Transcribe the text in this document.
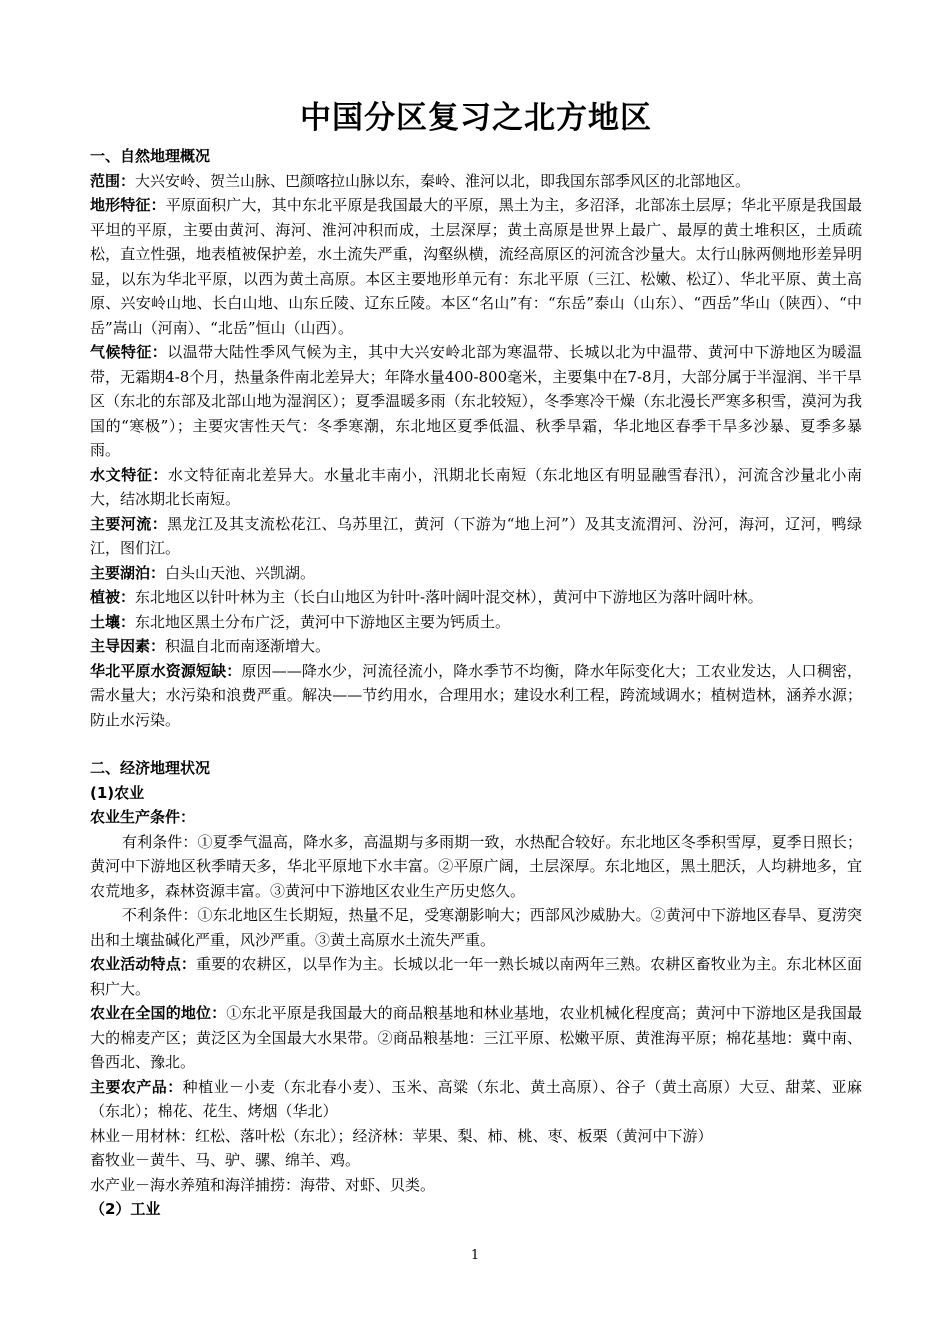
中国分区复习之北方地区

一、自然地理概况

范围：大兴安岭、贺兰山脉、巴颜喀拉山脉以东，秦岭、淮河以北，即我国东部季风区的北部地区。

地形特征：平原面积广大，其中东北平原是我国最大的平原，黑土为主，多沼泽，北部冻土层厚；华北平原是我国最平坦的平原，主要由黄河、海河、淮河冲积而成，土层深厚；黄土高原是世界上最广、最厚的黄土堆积区，土质疏松，直立性强，地表植被保护差，水土流失严重，沟壑纵横，流经高原区的河流含沙量大。太行山脉两侧地形差异明显，以东为华北平原，以西为黄土高原。本区主要地形单元有：东北平原（三江、松嫩、松辽）、华北平原、黄土高原、兴安岭山地、长白山地、山东丘陵、辽东丘陵。本区“名山”有：“东岳”泰山（山东）、“西岳”华山（陕西）、“中岳”嵩山（河南）、“北岳”恒山（山西）。

气候特征：以温带大陆性季风气候为主，其中大兴安岭北部为寒温带、长城以北为中温带、黄河中下游地区为暖温带，无霜期4-8个月，热量条件南北差异大；年降水量400-800毫米，主要集中在7-8月，大部分属于半湿润、半干旱区（东北的东部及北部山地为湿润区）；夏季温暖多雨（东北较短），冬季寒冷干燥（东北漫长严寒多积雪，漠河为我国的“寒极”）；主要灾害性天气：冬季寒潮，东北地区夏季低温、秋季旱霜，华北地区春季干旱多沙暴、夏季多暴雨。

水文特征：水文特征南北差异大。水量北丰南小，汛期北长南短（东北地区有明显融雪春汛），河流含沙量北小南大，结冰期北长南短。

主要河流：黑龙江及其支流松花江、乌苏里江，黄河（下游为“地上河”）及其支流渭河、汾河，海河，辽河，鸭绿江，图们江。

主要湖泊：白头山天池、兴凯湖。

植被：东北地区以针叶林为主（长白山地区为针叶-落叶阔叶混交林），黄河中下游地区为落叶阔叶林。

土壤：东北地区黑土分布广泛，黄河中下游地区主要为钙质土。

主导因素：积温自北而南逐渐增大。

华北平原水资源短缺：原因——降水少，河流径流小，降水季节不均衡，降水年际变化大；工农业发达，人口稠密，需水量大；水污染和浪费严重。解决——节约用水，合理用水；建设水利工程，跨流域调水；植树造林，涵养水源；防止水污染。

二、经济地理状况

(1)农业

农业生产条件：

有利条件：①夏季气温高，降水多，高温期与多雨期一致，水热配合较好。东北地区冬季积雪厚，夏季日照长；黄河中下游地区秋季晴天多，华北平原地下水丰富。②平原广阔，土层深厚。东北地区，黑土肥沃，人均耕地多，宜农荒地多，森林资源丰富。③黄河中下游地区农业生产历史悠久。

不利条件：①东北地区生长期短，热量不足，受寒潮影响大；西部风沙威胁大。②黄河中下游地区春旱、夏涝突出和土壤盐碱化严重，风沙严重。③黄土高原水土流失严重。

农业活动特点：重要的农耕区，以旱作为主。长城以北一年一熟长城以南两年三熟。农耕区畜牧业为主。东北林区面积广大。

农业在全国的地位：①东北平原是我国最大的商品粮基地和林业基地，农业机械化程度高；黄河中下游地区是我国最大的棉麦产区；黄泛区为全国最大水果带。②商品粮基地：三江平原、松嫩平原、黄淮海平原；棉花基地：冀中南、鲁西北、豫北。

主要农产品：种植业－小麦（东北春小麦）、玉米、高粱（东北、黄土高原）、谷子（黄土高原）大豆、甜菜、亚麻（东北）；棉花、花生、烤烟（华北）

林业－用材林：红松、落叶松（东北）；经济林：苹果、梨、柿、桃、枣、板栗（黄河中下游）

畜牧业－黄牛、马、驴、骡、绵羊、鸡。

水产业－海水养殖和海洋捕捞：海带、对虾、贝类。

（2）工业

1
